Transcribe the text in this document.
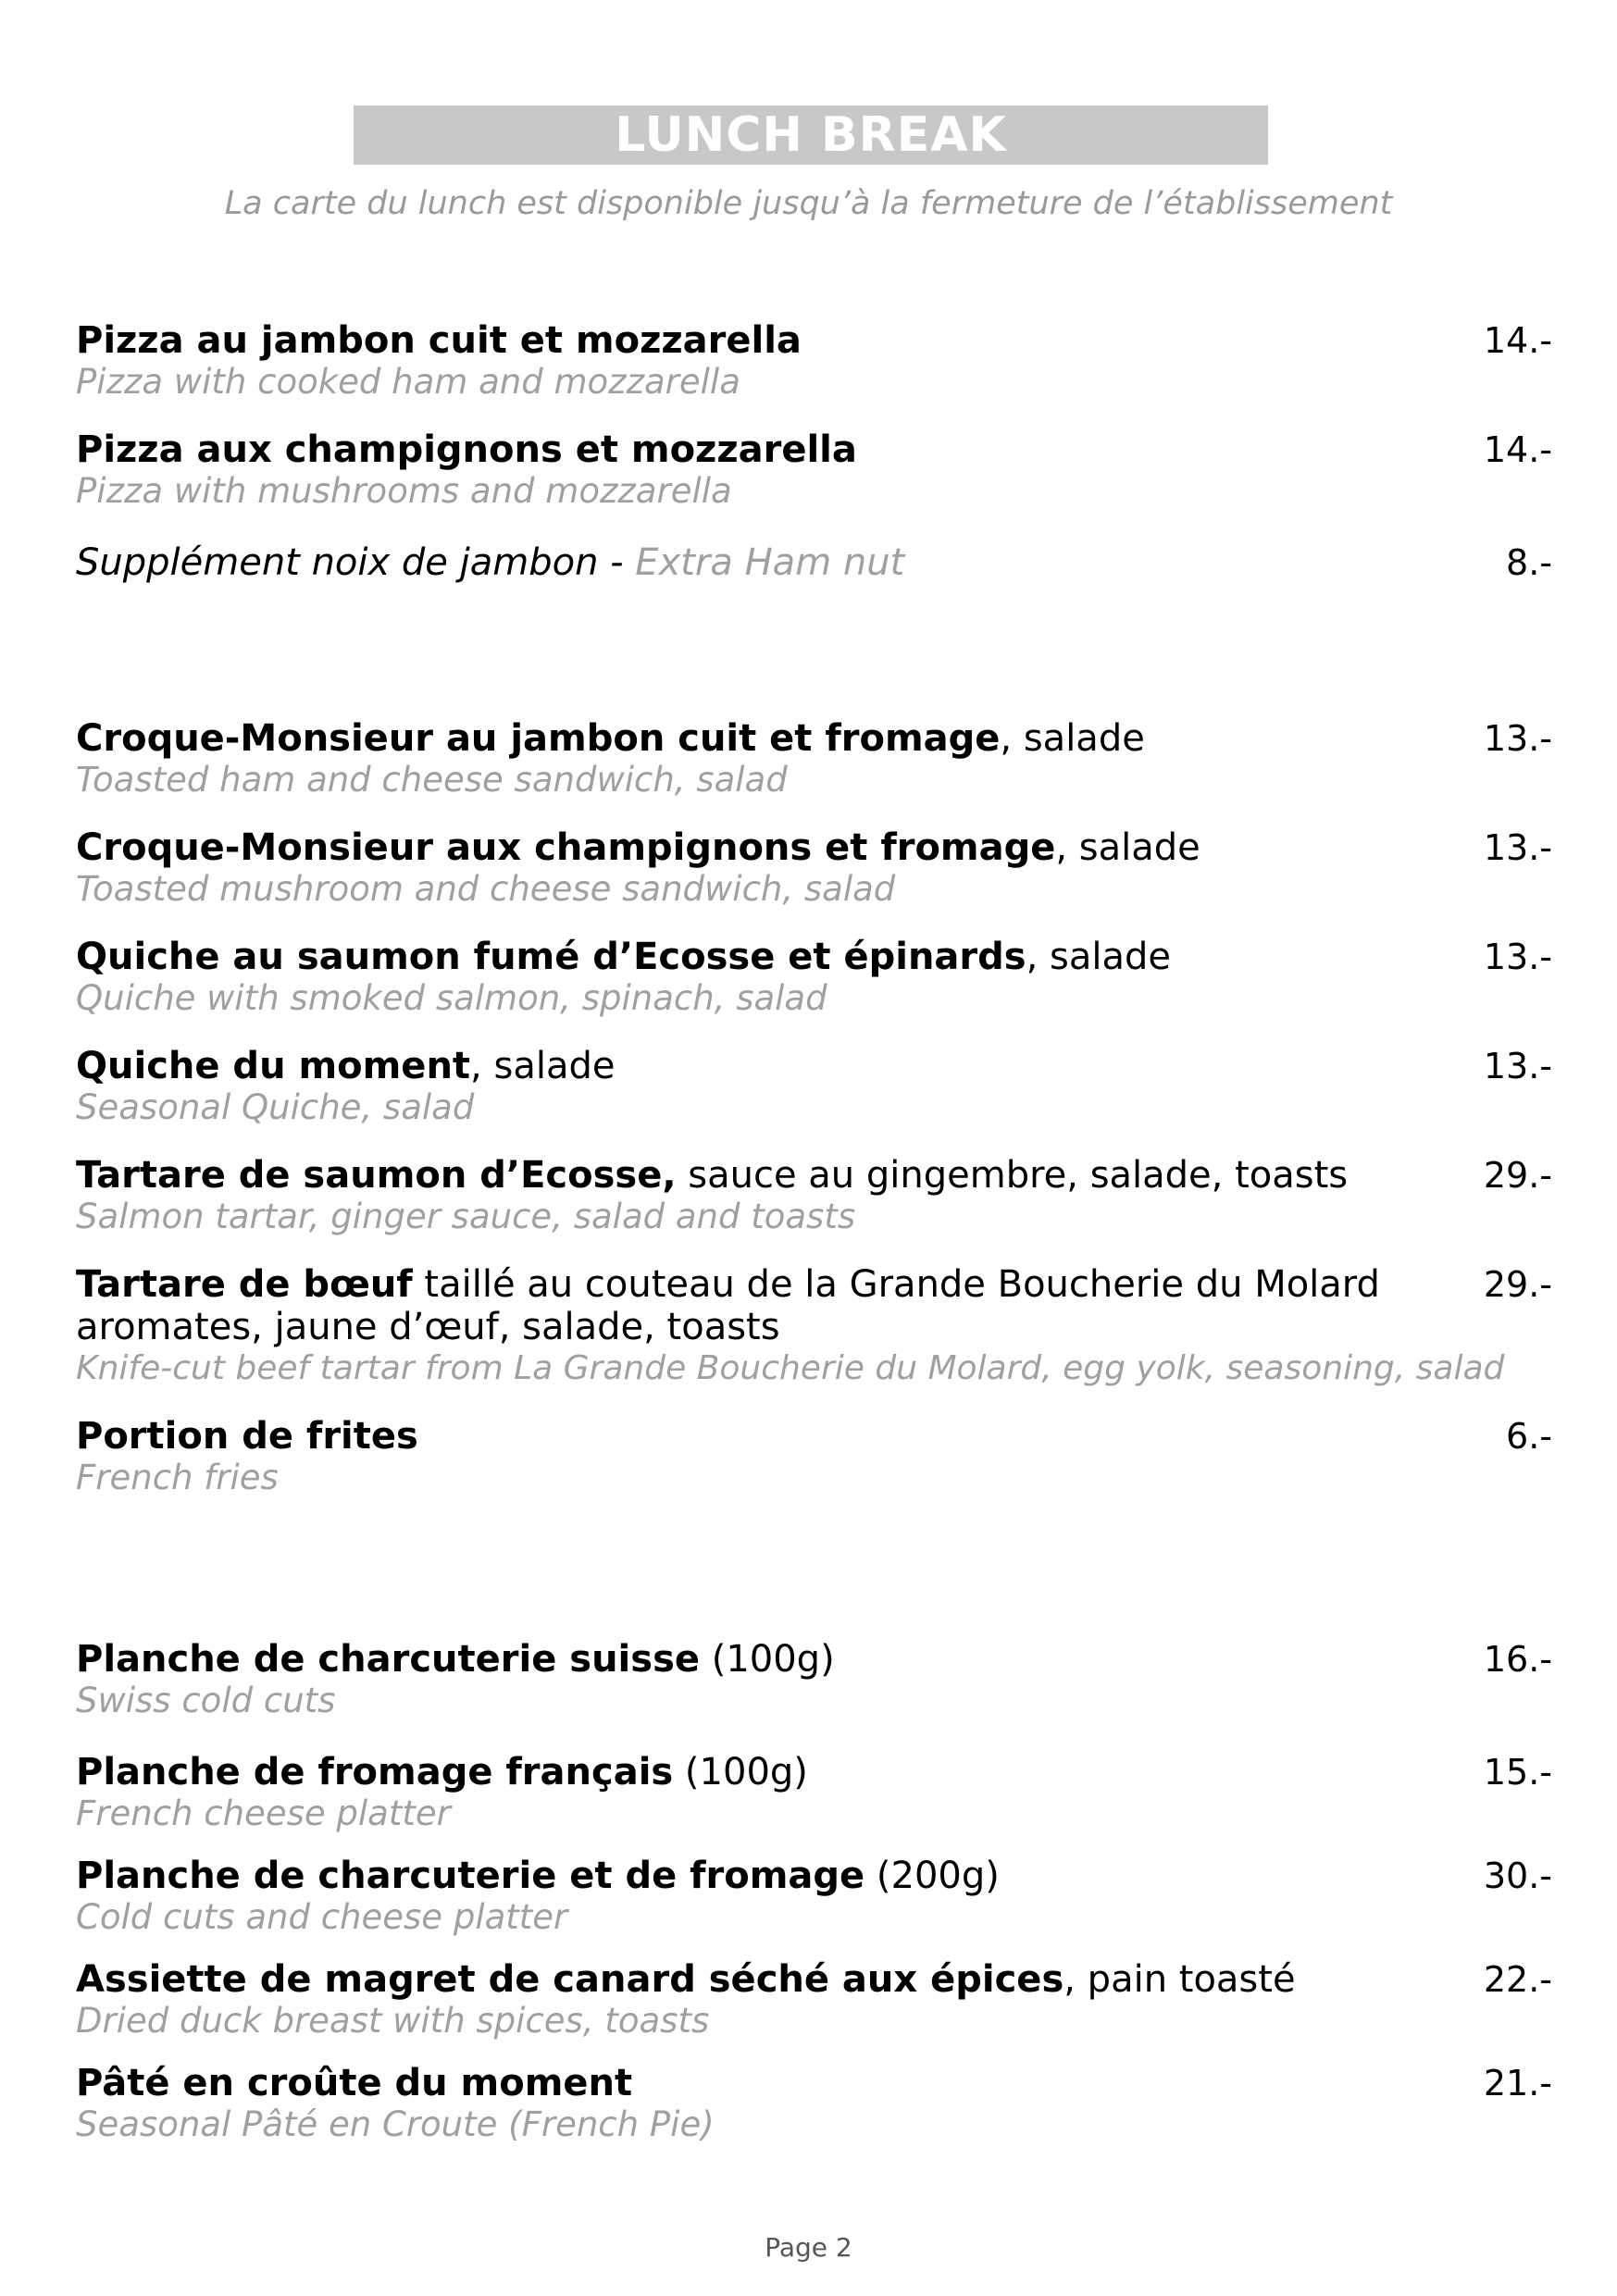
LUNCH BREAK
La carte du lunch est disponible jusqu’à la fermeture de l’établissement
Pizza au jambon cuit et mozzarella	14.-
Pizza with cooked ham and mozzarella
Pizza aux champignons et mozzarella	14.-
Pizza with mushrooms and mozzarella
Supplément noix de jambon - Extra Ham nut	8.-
Croque-Monsieur au jambon cuit et fromage, salade	13.-
Toasted ham and cheese sandwich, salad
Croque-Monsieur aux champignons et fromage, salade	13.-
Toasted mushroom and cheese sandwich, salad
Quiche au saumon fumé d’Ecosse et épinards, salade	13.-
Quiche with smoked salmon, spinach, salad
Quiche du moment, salade	13.-
Seasonal Quiche, salad
Tartare de saumon d’Ecosse, sauce au gingembre, salade, toasts	29.-
Salmon tartar, ginger sauce, salad and toasts
Tartare de bœuf taillé au couteau de la Grande Boucherie du Molard	29.-
aromates, jaune d’œuf, salade, toasts
Knife-cut beef tartar from La Grande Boucherie du Molard, egg yolk, seasoning, salad
Portion de frites	6.-
French fries
Planche de charcuterie suisse (100g)	16.-
Swiss cold cuts
Planche de fromage français (100g)	15.-
French cheese platter
Planche de charcuterie et de fromage (200g)	30.-
Cold cuts and cheese platter
Assiette de magret de canard séché aux épices, pain toasté	22.-
Dried duck breast with spices, toasts
Pâté en croûte du moment	21.-
Seasonal Pâté en Croute (French Pie)
Page 2
